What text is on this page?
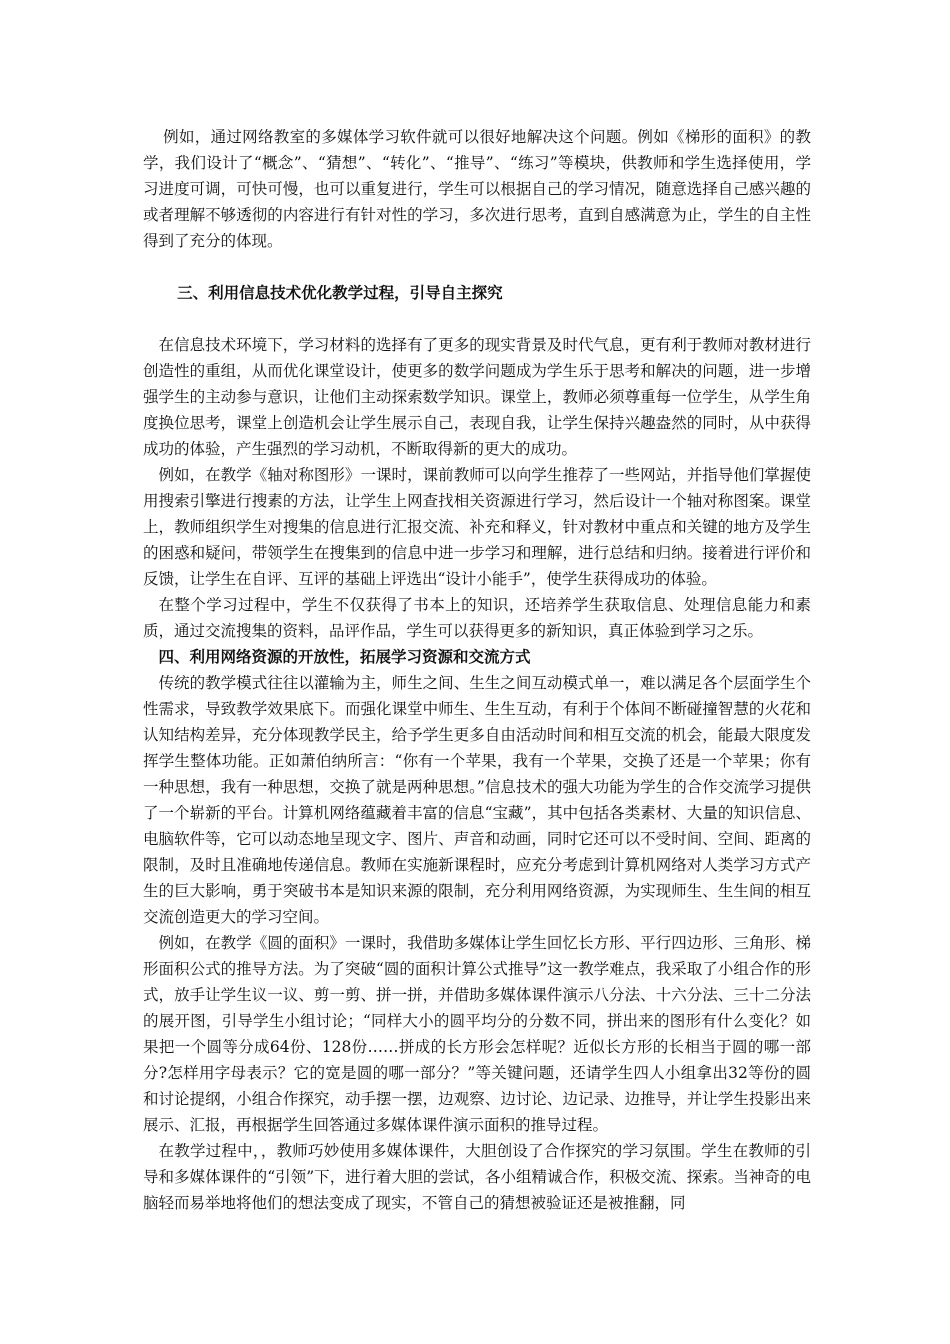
例如，通过网络教室的多媒体学习软件就可以很好地解决这个问题。例如《梯形的面积》的教学，我们设计了“概念”、“猜想”、“转化”、“推导”、“练习”等模块，供教师和学生选择使用，学习进度可调，可快可慢，也可以重复进行，学生可以根据自己的学习情况，随意选择自己感兴趣的或者理解不够透彻的内容进行有针对性的学习，多次进行思考，直到自感满意为止，学生的自主性得到了充分的体现。

三、利用信息技术优化教学过程，引导自主探究

在信息技术环境下，学习材料的选择有了更多的现实背景及时代气息，更有利于教师对教材进行创造性的重组，从而优化课堂设计，使更多的数学问题成为学生乐于思考和解决的问题，进一步增强学生的主动参与意识，让他们主动探索数学知识。课堂上，教师必须尊重每一位学生，从学生角度换位思考，课堂上创造机会让学生展示自己，表现自我，让学生保持兴趣盎然的同时，从中获得成功的体验，产生强烈的学习动机，不断取得新的更大的成功。

例如，在教学《轴对称图形》一课时，课前教师可以向学生推荐了一些网站，并指导他们掌握使用搜索引擎进行搜素的方法，让学生上网查找相关资源进行学习，然后设计一个轴对称图案。课堂上，教师组织学生对搜集的信息进行汇报交流、补充和释义，针对教材中重点和关键的地方及学生的困惑和疑问，带领学生在搜集到的信息中进一步学习和理解，进行总结和归纳。接着进行评价和反馈，让学生在自评、互评的基础上评选出“设计小能手”，使学生获得成功的体验。

在整个学习过程中，学生不仅获得了书本上的知识，还培养学生获取信息、处理信息能力和素质，通过交流搜集的资料，品评作品，学生可以获得更多的新知识，真正体验到学习之乐。

四、利用网络资源的开放性，拓展学习资源和交流方式

传统的教学模式往往以灌输为主，师生之间、生生之间互动模式单一，难以满足各个层面学生个性需求，导致教学效果底下。而强化课堂中师生、生生互动，有利于个体间不断碰撞智慧的火花和认知结构差异，充分体现教学民主，给予学生更多自由活动时间和相互交流的机会，能最大限度发挥学生整体功能。正如萧伯纳所言：“你有一个苹果，我有一个苹果，交换了还是一个苹果；你有一种思想，我有一种思想，交换了就是两种思想。”信息技术的强大功能为学生的合作交流学习提供了一个崭新的平台。计算机网络蕴藏着丰富的信息“宝藏”，其中包括各类素材、大量的知识信息、电脑软件等，它可以动态地呈现文字、图片、声音和动画，同时它还可以不受时间、空间、距离的限制，及时且准确地传递信息。教师在实施新课程时，应充分考虑到计算机网络对人类学习方式产生的巨大影响，勇于突破书本是知识来源的限制，充分利用网络资源，为实现师生、生生间的相互交流创造更大的学习空间。

例如，在教学《圆的面积》一课时，我借助多媒体让学生回忆长方形、平行四边形、三角形、梯形面积公式的推导方法。为了突破“圆的面积计算公式推导”这一教学难点，我采取了小组合作的形式，放手让学生议一议、剪一剪、拼一拼，并借助多媒体课件演示八分法、十六分法、三十二分法的展开图，引导学生小组讨论；“同样大小的圆平均分的分数不同，拼出来的图形有什么变化？如果把一个圆等分成64份、128份……拼成的长方形会怎样呢？近似长方形的长相当于圆的哪一部分?怎样用字母表示？它的宽是圆的哪一部分？”等关键问题，还请学生四人小组拿出32等份的圆和讨论提纲，小组合作探究，动手摆一摆，边观察、边讨论、边记录、边推导，并让学生投影出来展示、汇报，再根据学生回答通过多媒体课件演示面积的推导过程。

在教学过程中，，教师巧妙使用多媒体课件，大胆创设了合作探究的学习氛围。学生在教师的引导和多媒体课件的“引领”下，进行着大胆的尝试，各小组精诚合作，积极交流、探索。当神奇的电脑轻而易举地将他们的想法变成了现实，不管自己的猜想被验证还是被推翻，同
